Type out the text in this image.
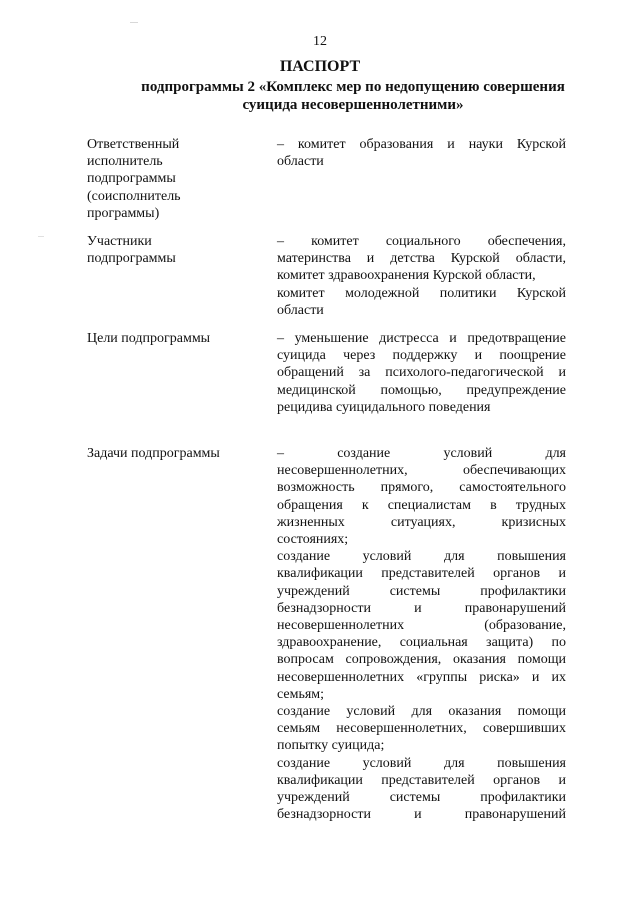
12
ПАСПОРТ
подпрограммы 2 «Комплекс мер по недопущению совершения
суицида несовершеннолетними»
Ответственный
исполнитель
подпрограммы
(соисполнитель
программы)
– комитет образования и науки Курской
области
Участники
подпрограммы
– комитет социального обеспечения,
материнства и детства Курской области,
комитет здравоохранения Курской области,
комитет молодежной политики Курской
области
Цели подпрограммы	– уменьшение дистресса и предотвращение
суицида через поддержку и поощрение
обращений за психолого-педагогической и
медицинской помощью, предупреждение
рецидива суицидального поведения
Задачи подпрограммы	– создание условий для
несовершеннолетних, обеспечивающих
возможность прямого, самостоятельного
обращения к специалистам в трудных
жизненных ситуациях, кризисных
состояниях;
создание условий для повышения
квалификации представителей органов и
учреждений системы профилактики
безнадзорности и правонарушений
несовершеннолетних (образование,
здравоохранение, социальная защита) по
вопросам сопровождения, оказания помощи
несовершеннолетних «группы риска» и их
семьям;
создание условий для оказания помощи
семьям несовершеннолетних, совершивших
попытку суицида;
создание условий для повышения
квалификации представителей органов и
учреждений системы профилактики
безнадзорности и правонарушений
